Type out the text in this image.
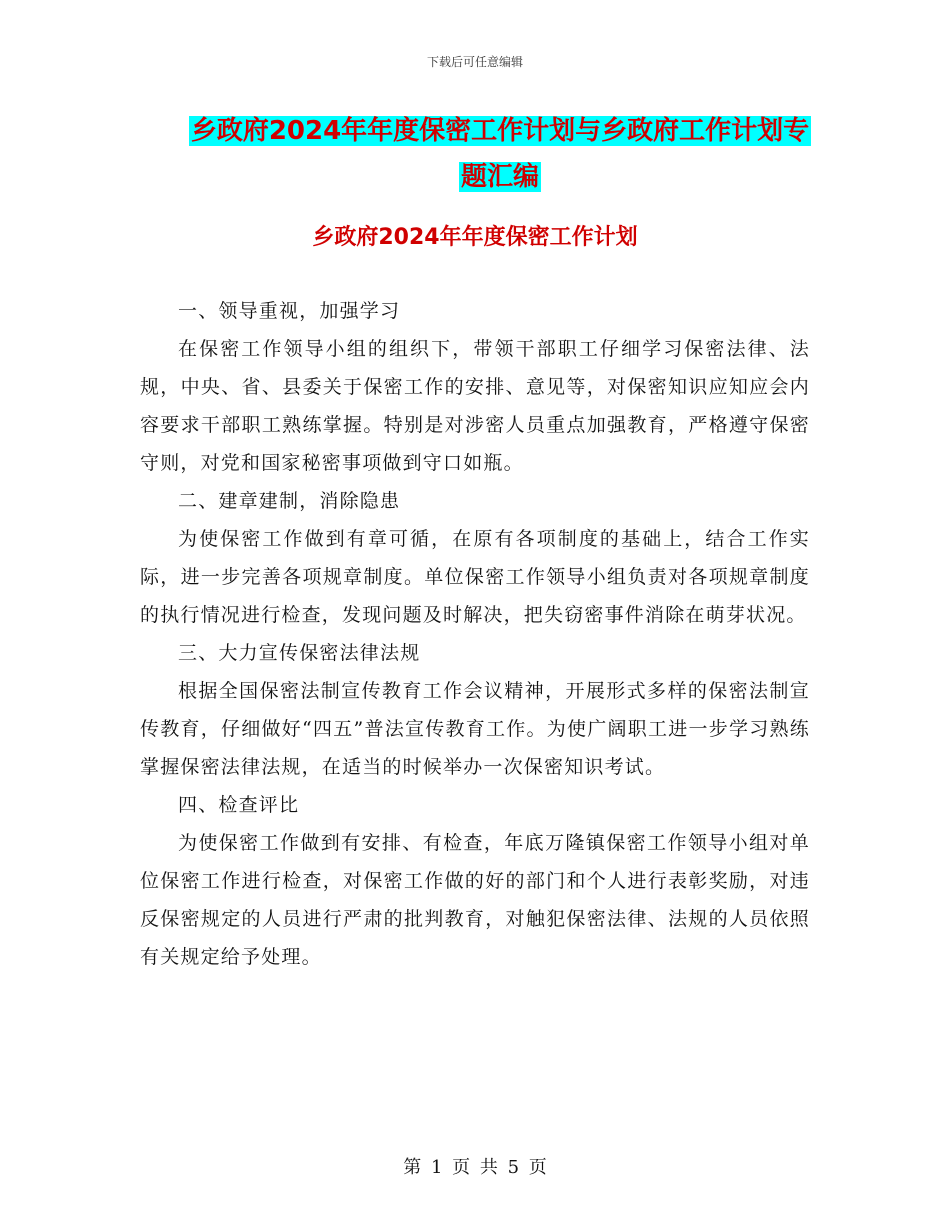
下载后可任意编辑
乡政府2024年年度保密工作计划与乡政府工作计划专
题汇编
乡政府2024年年度保密工作计划

一、领导重视，加强学习

在保密工作领导小组的组织下，带领干部职工仔细学习保密法律、法规，中央、省、县委关于保密工作的安排、意见等，对保密知识应知应会内容要求干部职工熟练掌握。特别是对涉密人员重点加强教育，严格遵守保密守则，对党和国家秘密事项做到守口如瓶。

二、建章建制，消除隐患

为使保密工作做到有章可循，在原有各项制度的基础上，结合工作实际，进一步完善各项规章制度。单位保密工作领导小组负责对各项规章制度的执行情况进行检查，发现问题及时解决，把失窃密事件消除在萌芽状况。

三、大力宣传保密法律法规

根据全国保密法制宣传教育工作会议精神，开展形式多样的保密法制宣传教育，仔细做好“四五”普法宣传教育工作。为使广阔职工进一步学习熟练掌握保密法律法规，在适当的时候举办一次保密知识考试。

四、检查评比

为使保密工作做到有安排、有检查，年底万隆镇保密工作领导小组对单位保密工作进行检查，对保密工作做的好的部门和个人进行表彰奖励，对违反保密规定的人员进行严肃的批判教育，对触犯保密法律、法规的人员依照有关规定给予处理。

第 1 页 共 5 页
